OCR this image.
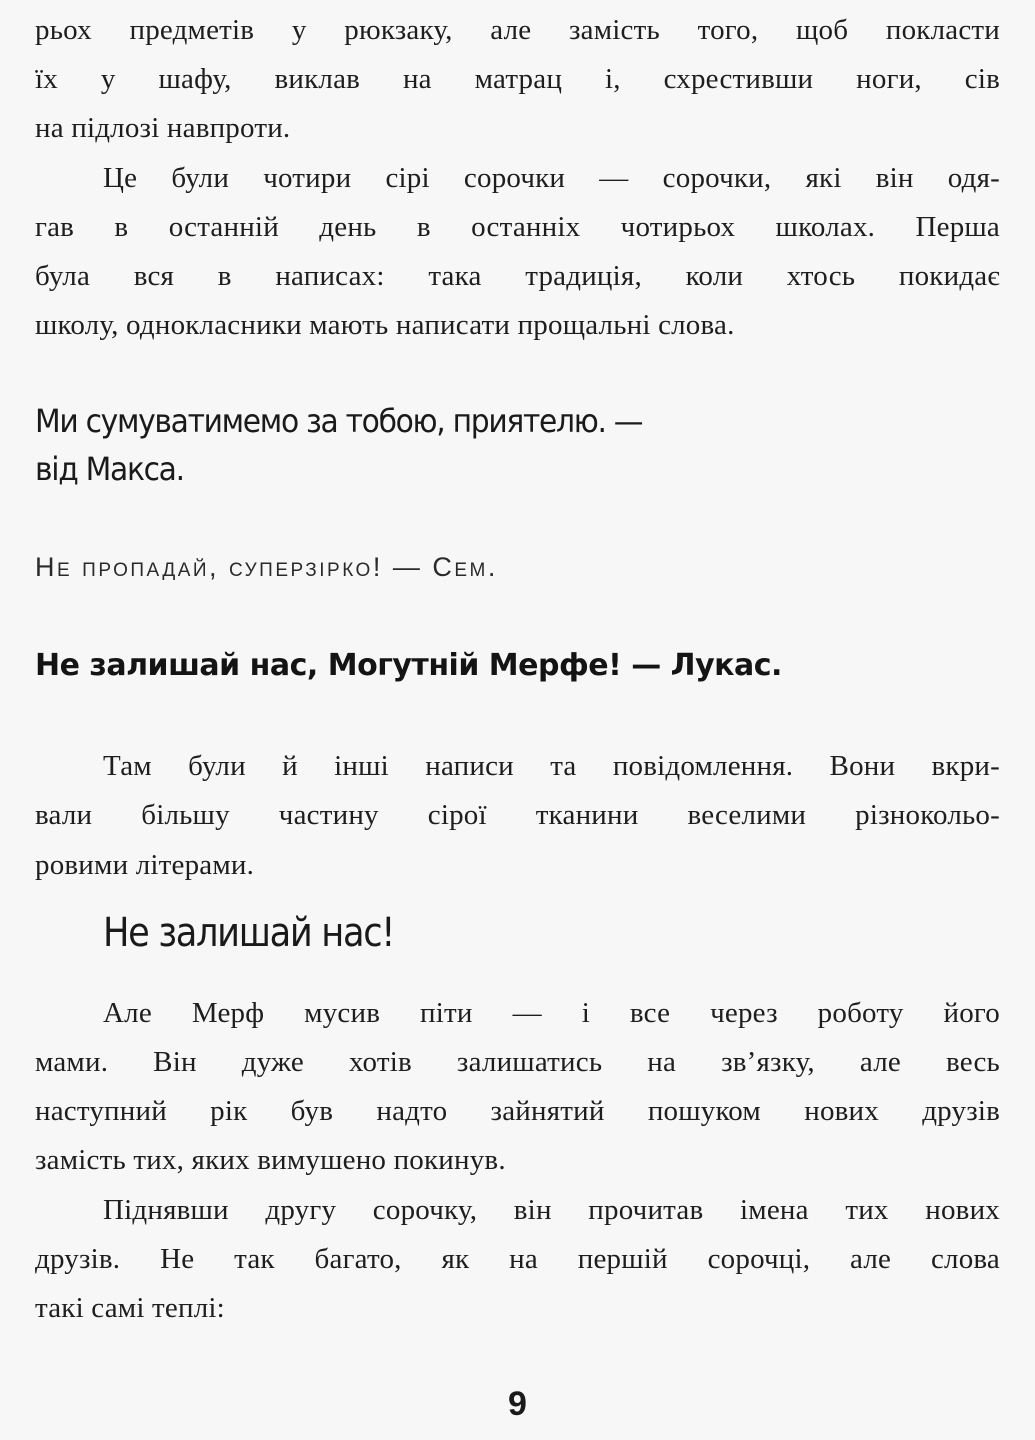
рьох предметів у рюкзаку, але замість того, щоб покласти
їх у шафу, виклав на матрац і, схрестивши ноги, сів
на підлозі навпроти.
Це були чотири сірі сорочки — сорочки, які він одя-
гав в останній день в останніх чотирьох школах. Перша
була вся в написах: така традиція, коли хтось покидає
школу, однокласники мають написати прощальні слова.
Ми сумуватимемо за тобою, приятелю. —
від Макса.
Не пропадай, суперзірко! — Сем.
Не залишай нас, Могутній Мерфе! — Лукас.
Там були й інші написи та повідомлення. Вони вкри-
вали більшу частину сірої тканини веселими різнокольо-
ровими літерами.
Не залишай нас!
Але Мерф мусив піти — і все через роботу його
мами. Він дуже хотів залишатись на зв’язку, але весь
наступний рік був надто зайнятий пошуком нових друзів
замість тих, яких вимушено покинув.
Піднявши другу сорочку, він прочитав імена тих нових
друзів. Не так багато, як на першій сорочці, але слова
такі самі теплі:
9
